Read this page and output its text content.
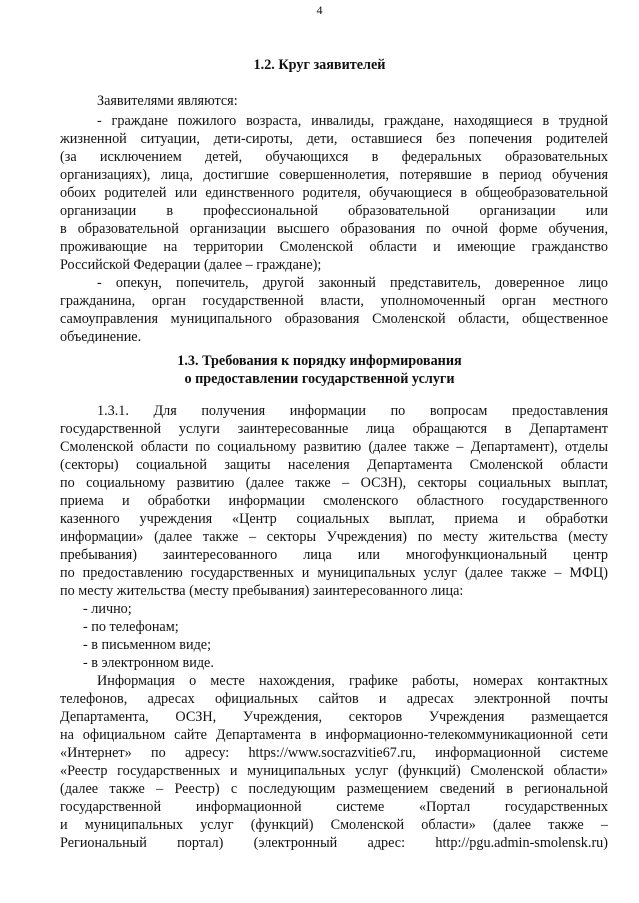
4
1.2. Круг заявителей
Заявителями являются:
- граждане пожилого возраста, инвалиды, граждане, находящиеся в трудной
жизненной ситуации, дети-сироты, дети, оставшиеся без попечения родителей
(за исключением детей, обучающихся в федеральных образовательных
организациях), лица, достигшие совершеннолетия, потерявшие в период обучения
обоих родителей или единственного родителя, обучающиеся в общеобразовательной
организации в профессиональной образовательной организации или
в образовательной организации высшего образования по очной форме обучения,
проживающие на территории Смоленской области и имеющие гражданство
Российской Федерации (далее – граждане);
- опекун, попечитель, другой законный представитель, доверенное лицо
гражданина, орган государственной власти, уполномоченный орган местного
самоуправления муниципального образования Смоленской области, общественное
объединение.
1.3. Требования к порядку информирования
о предоставлении государственной услуги
1.3.1. Для получения информации по вопросам предоставления
государственной услуги заинтересованные лица обращаются в Департамент
Смоленской области по социальному развитию (далее также – Департамент), отделы
(секторы) социальной защиты населения Департамента Смоленской области
по социальному развитию (далее также – ОСЗН), секторы социальных выплат,
приема и обработки информации смоленского областного государственного
казенного учреждения «Центр социальных выплат, приема и обработки
информации» (далее также – секторы Учреждения) по месту жительства (месту
пребывания) заинтересованного лица или многофункциональный центр
по предоставлению государственных и муниципальных услуг (далее также – МФЦ)
по месту жительства (месту пребывания) заинтересованного лица:
- лично;
- по телефонам;
- в письменном виде;
- в электронном виде.
Информация о месте нахождения, графике работы, номерах контактных
телефонов, адресах официальных сайтов и адресах электронной почты
Департамента, ОСЗН, Учреждения, секторов Учреждения размещается
на официальном сайте Департамента в информационно-телекоммуникационной сети
«Интернет» по адресу: https://www.socrazvitie67.ru, информационной системе
«Реестр государственных и муниципальных услуг (функций) Смоленской области»
(далее также – Реестр) с последующим размещением сведений в региональной
государственной информационной системе «Портал государственных
и муниципальных услуг (функций) Смоленской области» (далее также –
Региональный портал) (электронный адрес: http://pgu.admin-smolensk.ru)
